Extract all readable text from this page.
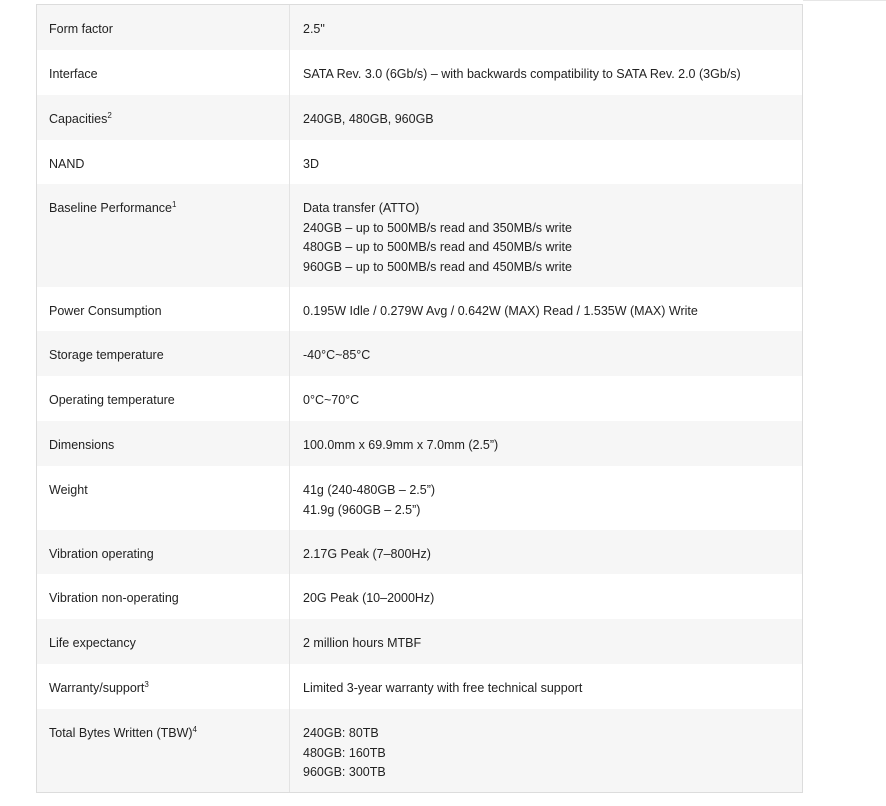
Form factor	2.5"
Interface	SATA Rev. 3.0 (6Gb/s) – with backwards compatibility to SATA Rev. 2.0 (3Gb/s)
Capacities$^2$	240GB, 480GB, 960GB
NAND	3D
Baseline Performance$^1$	Data transfer (ATTO)
240GB – up to 500MB/s read and 350MB/s write
480GB – up to 500MB/s read and 450MB/s write
960GB – up to 500MB/s read and 450MB/s write
Power Consumption	0.195W Idle / 0.279W Avg / 0.642W (MAX) Read / 1.535W (MAX) Write
Storage temperature	-40°C~85°C
Operating temperature	0°C~70°C
Dimensions	100.0mm x 69.9mm x 7.0mm (2.5”)
Weight	41g (240-480GB – 2.5”)
41.9g (960GB – 2.5”)
Vibration operating	2.17G Peak (7–800Hz)
Vibration non-operating	20G Peak (10–2000Hz)
Life expectancy	2 million hours MTBF
Warranty/support$^3$	Limited 3-year warranty with free technical support
Total Bytes Written (TBW)$^4$	240GB: 80TB
480GB: 160TB
960GB: 300TB
